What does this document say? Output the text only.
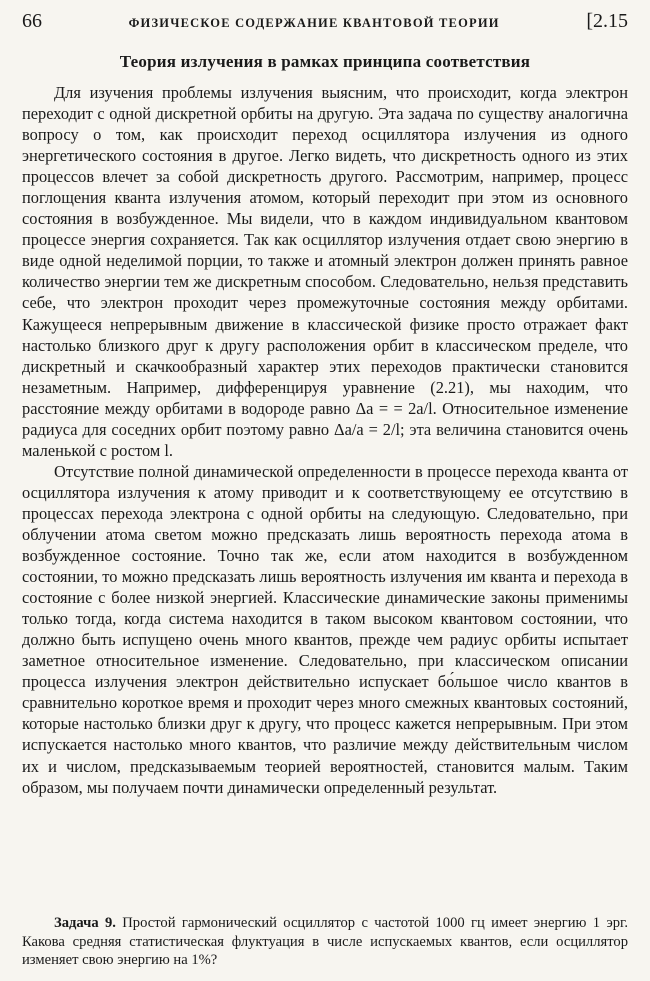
66	ФИЗИЧЕСКОЕ СОДЕРЖАНИЕ КВАНТОВОЙ ТЕОРИИ	[2.15
Теория излучения в рамках принципа соответствия

Для изучения проблемы излучения выясним, что происходит, когда электрон переходит с одной дискретной орбиты на другую. Эта задача по существу аналогична вопросу о том, как происходит переход осциллятора излучения из одного энергетического состояния в другое. Легко видеть, что дискретность одного из этих процессов влечет за собой дискретность другого. Рассмотрим, например, процесс поглощения кванта излучения атомом, который переходит при этом из основного состояния в возбужденное. Мы видели, что в каждом индивидуальном квантовом процессе энергия сохраняется. Так как осциллятор излучения отдает свою энергию в виде одной неделимой порции, то также и атомный электрон должен принять равное количество энергии тем же дискретным способом. Следовательно, нельзя представить себе, что электрон проходит через промежуточные состояния между орбитами. Кажущееся непрерывным движение в классической физике просто отражает факт настолько близкого друг к другу расположения орбит в классическом пределе, что дискретный и скачкообразный характер этих переходов практически становится незаметным. Например, дифференцируя уравнение (2.21), мы находим, что расстояние между орбитами в водороде равно Δa = = 2a/l. Относительное изменение радиуса для соседних орбит поэтому равно Δa/a = 2/l; эта величина становится очень маленькой с ростом l.

Отсутствие полной динамической определенности в процессе перехода кванта от осциллятора излучения к атому приводит и к соответствующему ее отсутствию в процессах перехода электрона с одной орбиты на следующую. Следовательно, при облучении атома светом можно предсказать лишь вероятность перехода атома в возбужденное состояние. Точно так же, если атом находится в возбужденном состоянии, то можно предсказать лишь вероятность излучения им кванта и перехода в состояние с более низкой энергией. Классические динамические законы применимы только тогда, когда система находится в таком высоком квантовом состоянии, что должно быть испущено очень много квантов, прежде чем радиус орбиты испытает заметное относительное изменение. Следовательно, при классическом описании процесса излучения электрон действительно испускает бо́льшое число квантов в сравнительно короткое время и проходит через много смежных квантовых состояний, которые настолько близки друг к другу, что процесс кажется непрерывным. При этом испускается настолько много квантов, что различие между действительным числом их и числом, предсказываемым теорией вероятностей, становится малым. Таким образом, мы получаем почти динамически определенный результат.

Задача 9. Простой гармонический осциллятор с частотой 1000 гц имеет энергию 1 эрг. Какова средняя статистическая флуктуация в числе испускаемых квантов, если осциллятор изменяет свою энергию на 1%?
